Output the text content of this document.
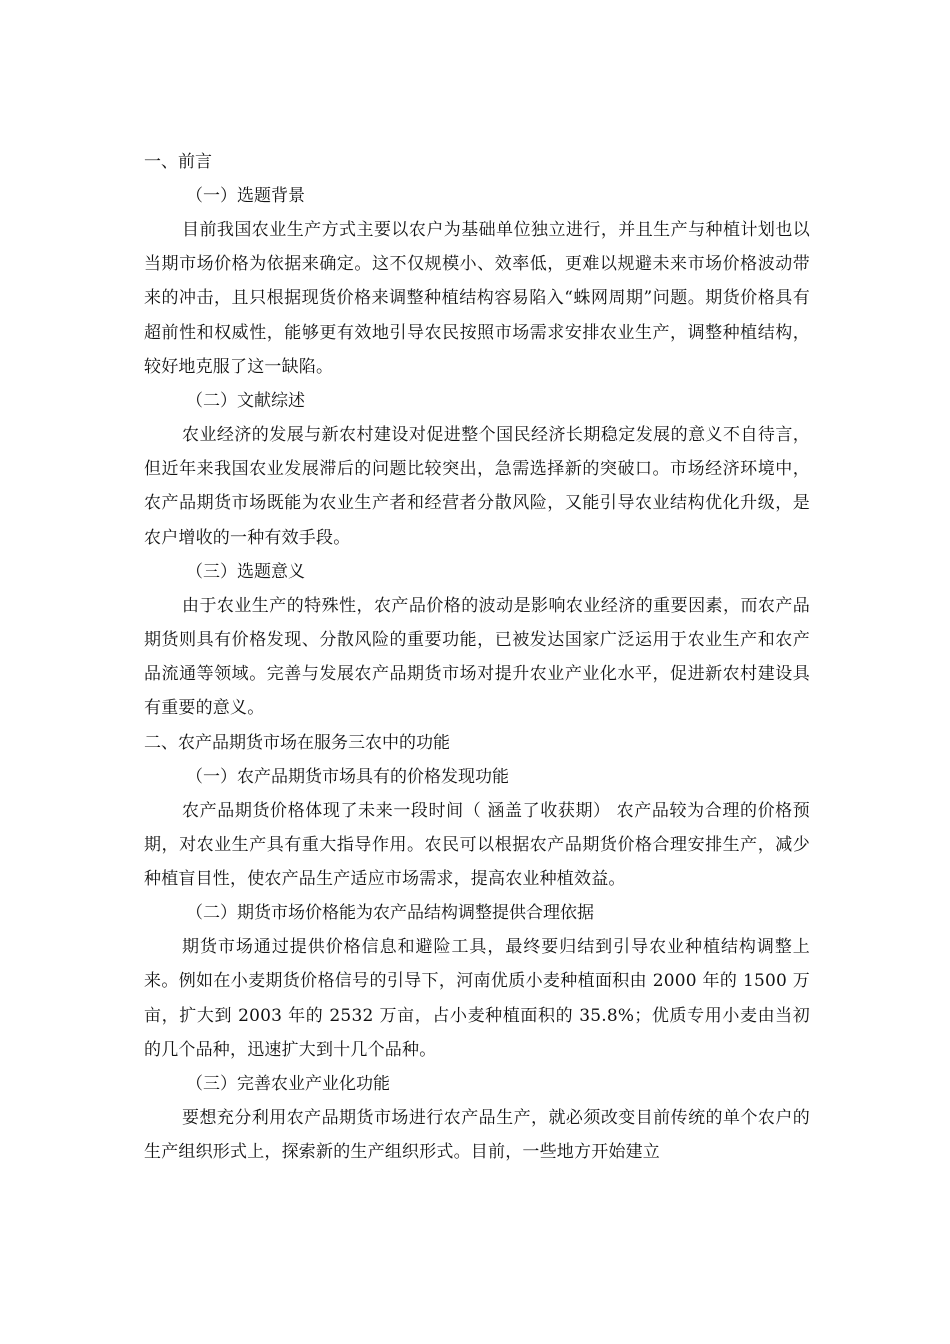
一、前言
（一）选题背景

目前我国农业生产方式主要以农户为基础单位独立进行，并且生产与种植计划也以当期市场价格为依据来确定。这不仅规模小、效率低，更难以规避未来市场价格波动带来的冲击，且只根据现货价格来调整种植结构容易陷入“蛛网周期”问题。期货价格具有超前性和权威性，能够更有效地引导农民按照市场需求安排农业生产，调整种植结构，较好地克服了这一缺陷。

（二）文献综述

农业经济的发展与新农村建设对促进整个国民经济长期稳定发展的意义不自待言，但近年来我国农业发展滞后的问题比较突出，急需选择新的突破口。市场经济环境中，农产品期货市场既能为农业生产者和经营者分散风险，又能引导农业结构优化升级，是农户增收的一种有效手段。

（三）选题意义

由于农业生产的特殊性，农产品价格的波动是影响农业经济的重要因素，而农产品期货则具有价格发现、分散风险的重要功能，已被发达国家广泛运用于农业生产和农产品流通等领域。完善与发展农产品期货市场对提升农业产业化水平，促进新农村建设具有重要的意义。

二、农产品期货市场在服务三农中的功能
（一）农产品期货市场具有的价格发现功能

农产品期货价格体现了未来一段时间（ 涵盖了收获期） 农产品较为合理的价格预期，对农业生产具有重大指导作用。农民可以根据农产品期货价格合理安排生产，减少种植盲目性，使农产品生产适应市场需求，提高农业种植效益。

（二）期货市场价格能为农产品结构调整提供合理依据

期货市场通过提供价格信息和避险工具，最终要归结到引导农业种植结构调整上来。例如在小麦期货价格信号的引导下，河南优质小麦种植面积由 2000 年的 1500 万亩，扩大到 2003 年的 2532 万亩，占小麦种植面积的 35.8%；优质专用小麦由当初的几个品种，迅速扩大到十几个品种。

（三）完善农业产业化功能

要想充分利用农产品期货市场进行农产品生产，就必须改变目前传统的单个农户的生产组织形式上，探索新的生产组织形式。目前，一些地方开始建立
